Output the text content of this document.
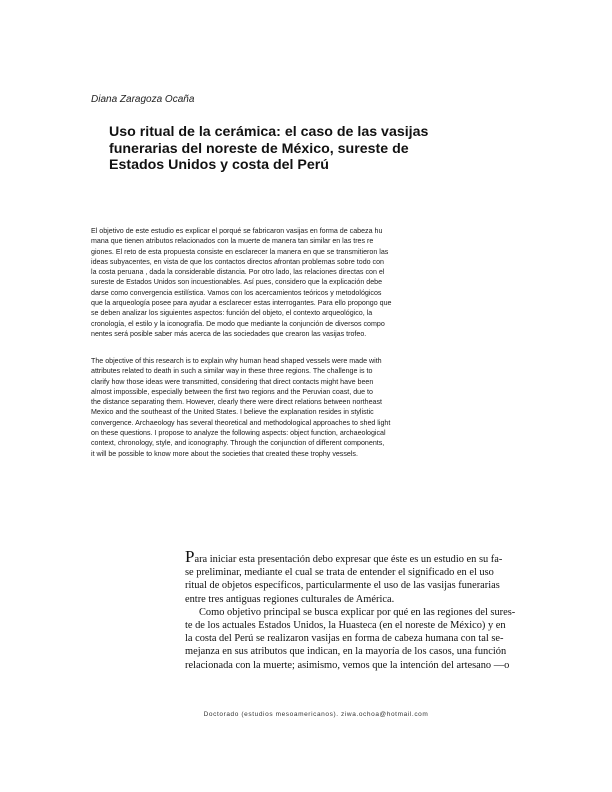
Diana Zaragoza Ocaña
Uso ritual de la cerámica: el caso de las vasijas
funerarias del noreste de México, sureste de
Estados Unidos y costa del Perú
El objetivo de este estudio es explicar el porqué se fabricaron vasijas en forma de cabeza hu
mana que tienen atributos relacionados con la muerte de manera tan similar en las tres re
giones. El reto de esta propuesta consiste en esclarecer la manera en que se transmitieron las
ideas subyacentes, en vista de que los contactos directos afrontan problemas sobre todo con
la costa peruana , dada la considerable distancia. Por otro lado, las relaciones directas con el
sureste de Estados Unidos son incuestionables. Así pues, considero que la explicación debe
darse como convergencia estilística. Vamos con los acercamientos teóricos y metodológicos
que la arqueología posee para ayudar a esclarecer estas interrogantes. Para ello propongo que
se deben analizar los siguientes aspectos: función del objeto, el contexto arqueológico, la
cronología, el estilo y la iconografía. De modo que mediante la conjunción de diversos compo
nentes será posible saber más acerca de las sociedades que crearon las vasijas trofeo.
The objective of this research is to explain why human head shaped vessels were made with
attributes related to death in such a similar way in these three regions. The challenge is to
clarify how those ideas were transmitted, considering that direct contacts might have been
almost impossible, especially between the first two regions and the Peruvian coast, due to
the distance separating them. However, clearly there were direct relations between northeast
Mexico and the southeast of the United States. I believe the explanation resides in stylistic
convergence. Archaeology has several theoretical and methodological approaches to shed light
on these questions. I propose to analyze the following aspects: object function, archaeological
context, chronology, style, and iconography. Through the conjunction of different components,
it will be possible to know more about the societies that created these trophy vessels.
Para iniciar esta presentación debo expresar que éste es un estudio en su fa-
se preliminar, mediante el cual se trata de entender el significado en el uso
ritual de objetos específicos, particularmente el uso de las vasijas funerarias
entre tres antiguas regiones culturales de América.
Como objetivo principal se busca explicar por qué en las regiones del sures-
te de los actuales Estados Unidos, la Huasteca (en el noreste de México) y en
la costa del Perú se realizaron vasijas en forma de cabeza humana con tal se-
mejanza en sus atributos que indican, en la mayoría de los casos, una función
relacionada con la muerte; asimismo, vemos que la intención del artesano —o
Doctorado (estudios mesoamericanos). ziwa.ochoa@hotmail.com
